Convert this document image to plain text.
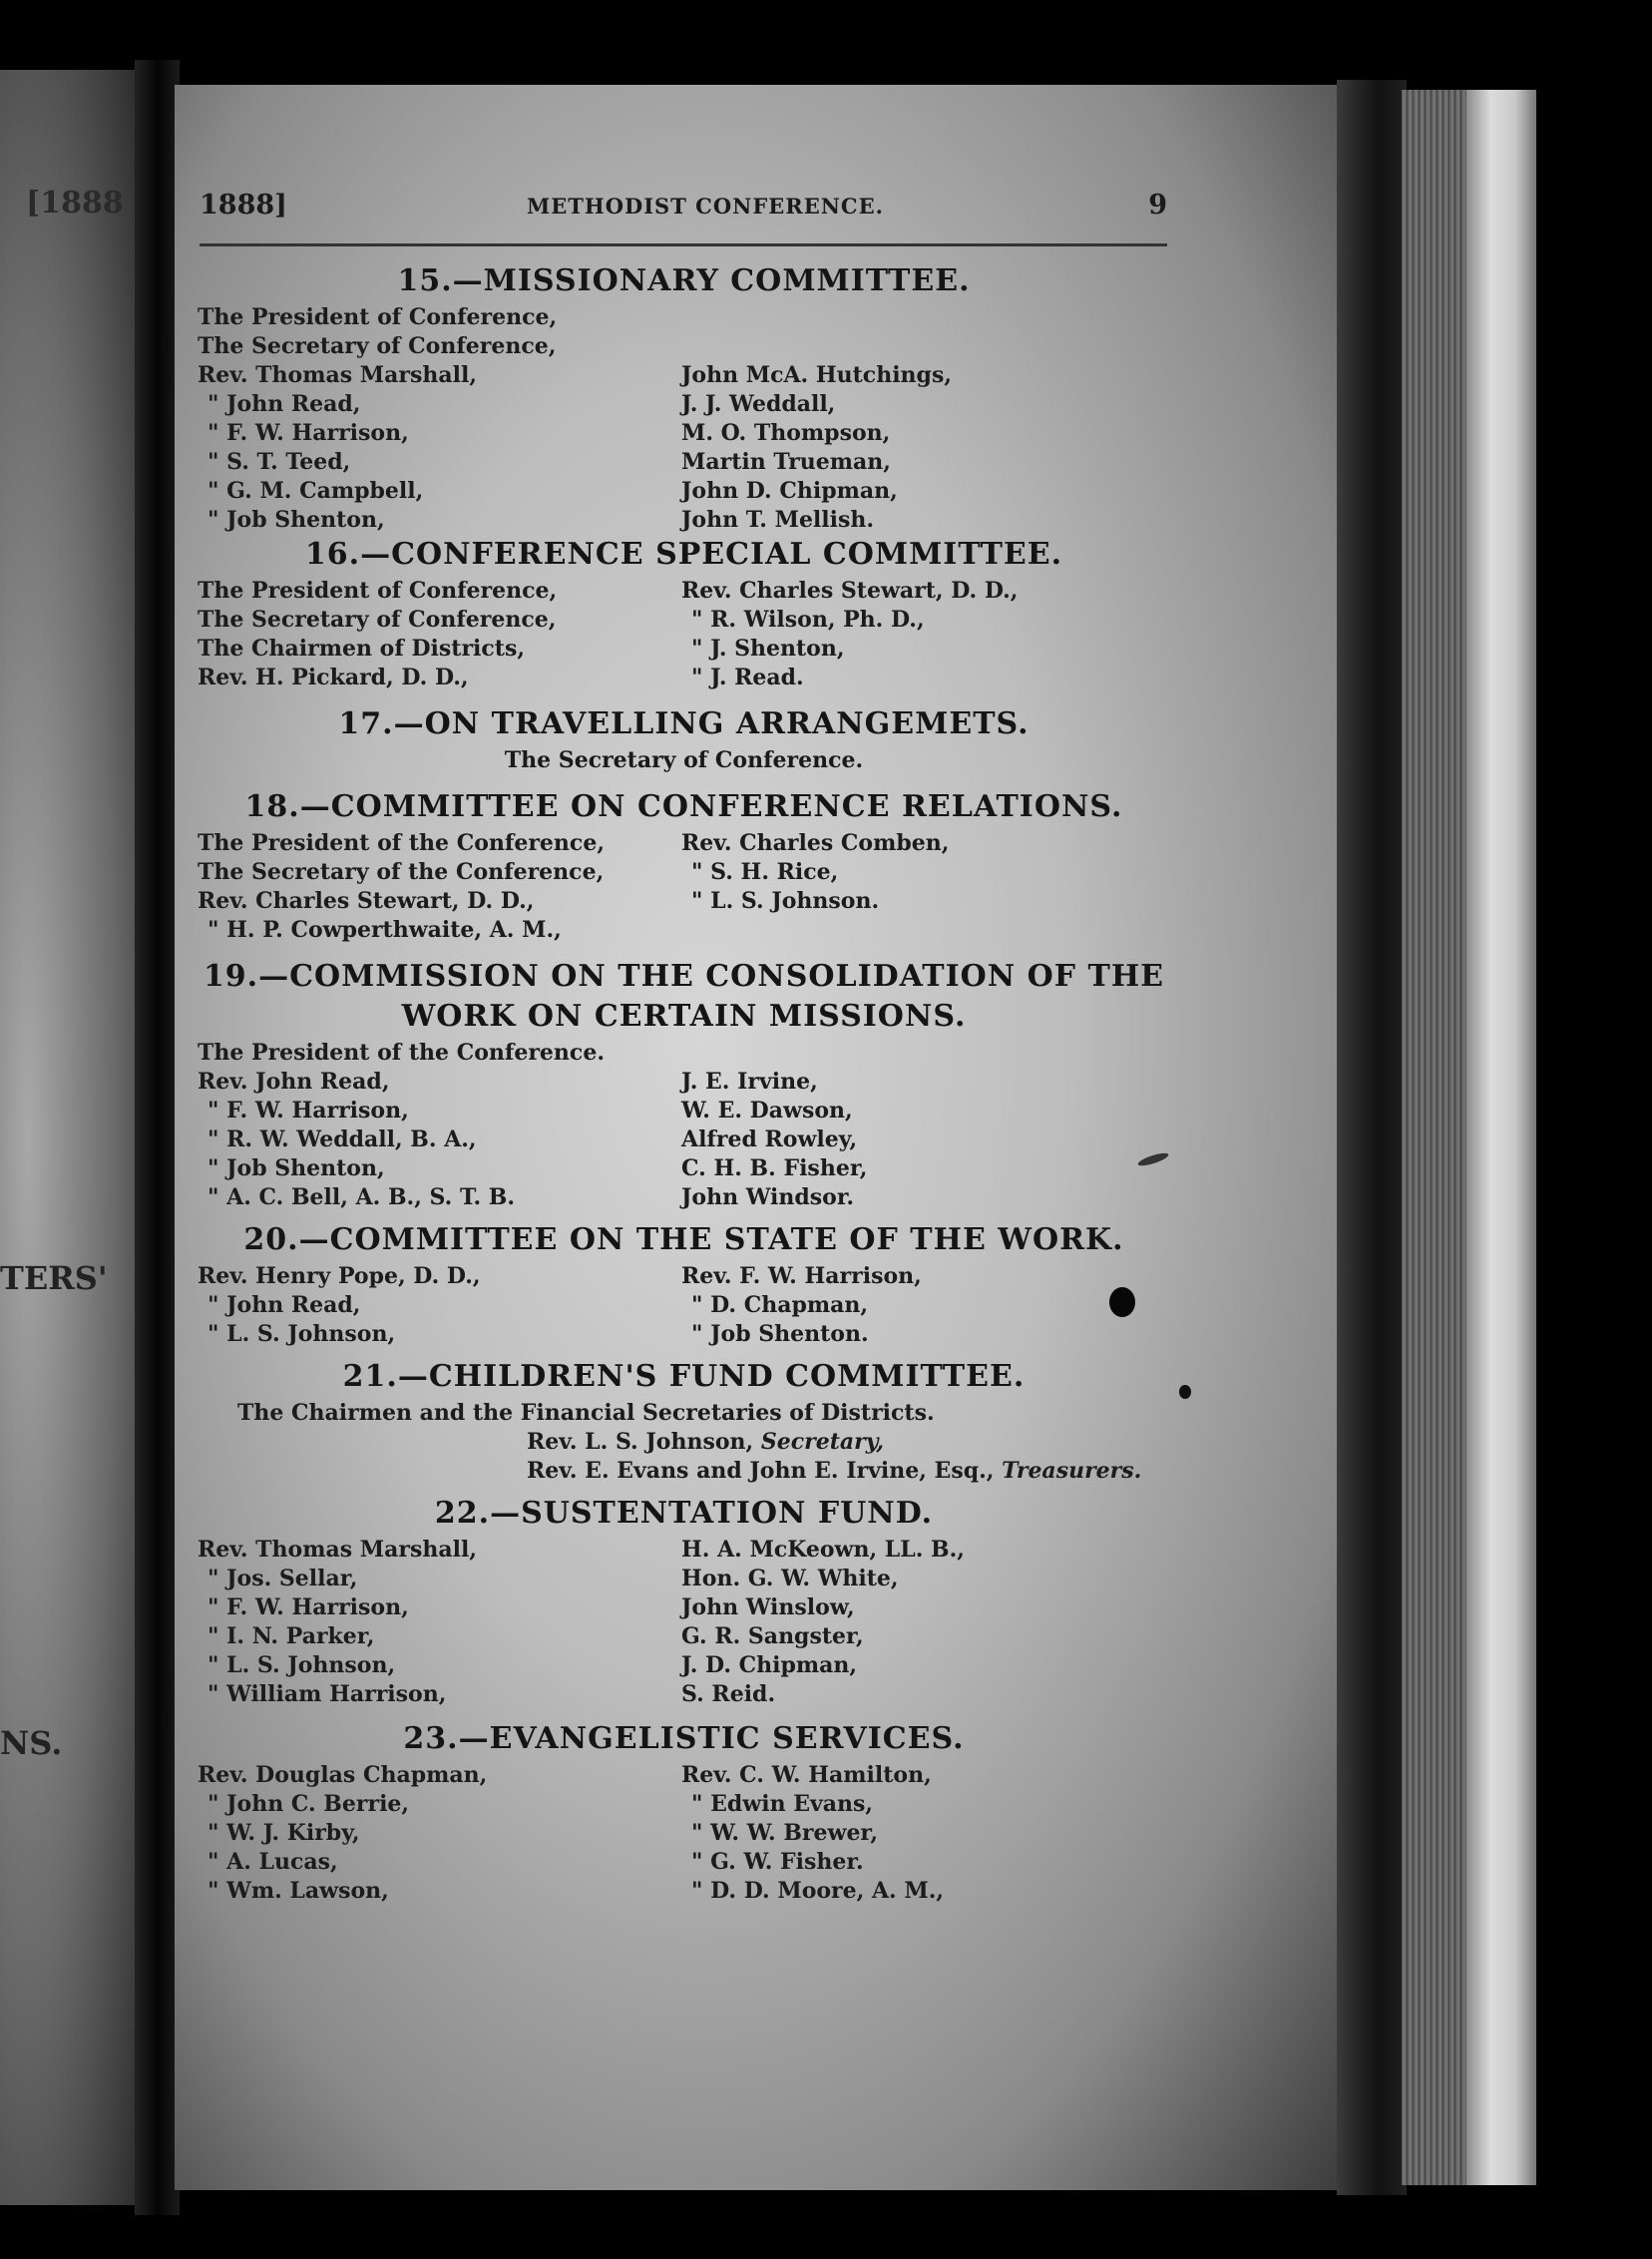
[1888
TERS'
NS.
1888]	METHODIST CONFERENCE.	9
15.—MISSIONARY COMMITTEE.
The President of Conference,
The Secretary of Conference,
Rev. Thomas Marshall,
" John Read,
" F. W. Harrison,
" S. T. Teed,
" G. M. Campbell,
" Job Shenton,

John McA. Hutchings,
J. J. Weddall,
M. O. Thompson,
Martin Trueman,
John D. Chipman,
John T. Mellish.
16.—CONFERENCE SPECIAL COMMITTEE.
The President of Conference,
The Secretary of Conference,
The Chairmen of Districts,
Rev. H. Pickard, D. D.,
Rev. Charles Stewart, D. D.,
" R. Wilson, Ph. D.,
" J. Shenton,
" J. Read.
17.—ON TRAVELLING ARRANGEMETS.
The Secretary of Conference.
18.—COMMITTEE ON CONFERENCE RELATIONS.
The President of the Conference,
The Secretary of the Conference,
Rev. Charles Stewart, D. D.,
" H. P. Cowperthwaite, A. M.,
Rev. Charles Comben,
" S. H. Rice,
" L. S. Johnson.
19.—COMMISSION ON THE CONSOLIDATION OF THE
WORK ON CERTAIN MISSIONS.
The President of the Conference.
Rev. John Read,
" F. W. Harrison,
" R. W. Weddall, B. A.,
" Job Shenton,
" A. C. Bell, A. B., S. T. B.
J. E. Irvine,
W. E. Dawson,
Alfred Rowley,
C. H. B. Fisher,
John Windsor.
20.—COMMITTEE ON THE STATE OF THE WORK.
Rev. Henry Pope, D. D.,
" John Read,
" L. S. Johnson,
Rev. F. W. Harrison,
" D. Chapman,
" Job Shenton.
21.—CHILDREN'S FUND COMMITTEE.
The Chairmen and the Financial Secretaries of Districts.
Rev. L. S. Johnson, Secretary,
Rev. E. Evans and John E. Irvine, Esq., Treasurers.
22.—SUSTENTATION FUND.
Rev. Thomas Marshall,
" Jos. Sellar,
" F. W. Harrison,
" I. N. Parker,
" L. S. Johnson,
" William Harrison,
H. A. McKeown, LL. B.,
Hon. G. W. White,
John Winslow,
G. R. Sangster,
J. D. Chipman,
S. Reid.
23.—EVANGELISTIC SERVICES.
Rev. Douglas Chapman,
" John C. Berrie,
" W. J. Kirby,
" A. Lucas,
" Wm. Lawson,
Rev. C. W. Hamilton,
" Edwin Evans,
" W. W. Brewer,
" G. W. Fisher.
" D. D. Moore, A. M.,
